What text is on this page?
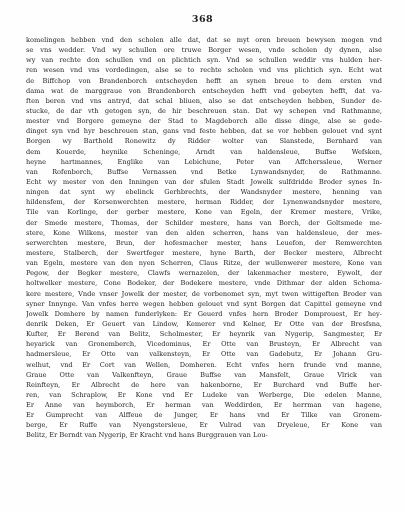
368
komelingen hebben vnd den scholen alle dat, dat se myt oren breuen bewysen mogen vnd
se vns wedder. Vnd wy schullen ore truwe Borger wesen, vnde scholen dy dynen, alse
wy van rechte don schullen vnd on plichtich syn. Vnd se schullen weddir vns hulden her-
ren wesen vnd vns vordedingen, alse se to rechte scholen vnd vns plichtich syn. Echt wat
de Biffchop von Brandenborch entscheyden hefft an synen breue to dem ersten vnd
dama wat de marggraue von Brandenborch entscheyden hefft vnd gebeyten hefft, dat va-
ften beren vnd vns antryd, dat schal bliuen, also se dat entscheyden hebben, Sunder de-
stucke, de dar vth getogen syn, de hir beschreuen stan. Dat wy schepen vnd Rathmanne,
mester vnd Borgere gemeyne der Stad to Magdeborch alle disse dinge, alse se gede-
dinget syn vnd hyr beschreuen stan, gans vnd feste hebben, dat se vor hebben gelouet vnd synt
Borgen wy Barthold Ronewitz dy Ridder wolter van Slanstede, Bernhard van
dem Kouerde, heynike Scheninge, Arndt van haldensleue, Buffse Wefsken,
heyne hartmannes, Englike van Lebichune, Peter van Affcherssleue, Werner
van Rofenborch, Buffse Vernassen vnd Betke Lynwandsnyder, de Rathmanne.
Echt wy mester von den Inningen van der sfulen Stadt Jowelk sulfdridde Broder synes In-
ningen dat synt wy ebelinck Gerhbrechts, der Wandsnyder mestere, henning van
hildensfem, der Korsenwerchten mestere, herman Ridder, der Lynenwandsnyder mestere,
Tile van Korlinge, der gerber mestere, Kone van Egeln, der Kremer mestere, Vrike,
der Smede mestere, Thomas, der Schilder mestere, hans van Borch, der Goltsmede me-
stere, Kone Wilkens, mester van den alden scherren, hans van haldensleue, der mes-
serwerchten mestere, Brun, der hofesmacher mester, hans Leuefon, der Remwerchten
mestere, Stalberch, der Swertfeger mestere, hyne Barth, der Becker mestere, Albrecht
van Egeln, mestere van den nyen Scherren, Claus Ritze, der wullenwerer mestere, Kone van
Pegow, der Begker mestere, Clawfs wernazelen, der lakenmacher mestere, Eywolt, der
holtwelker mestere, Cone Bodeker, der Bodekere mestere, vnde Dithmar der alden Schoma-
kere mestere, Vnde vnser Jowelk der mester, de vorbenomet syn, myt twen wittigeften Broder van
syner Innynge. Van vnfes herre wegen hebben gelouet vnd synt Borgen dat Capittel gemeyne vnd
Jowelk Domhere by namen funderlyken: Er Geuerd vnfes hern Broder Domprouest, Er hey-
denrik Deken, Er Geuert van Lindow, Kemerer vnd Kelner, Er Otte van der Bresfsna,
Kufter, Er Berend van Belitz, Scholmester, Er heynrik van Nygerip, Sangmester, Er
heyarick van Gronemberch, Vicedominus, Er Otte van Brusteyn, Er Albrecht van
hadmersleue, Er Otte van valkensteyn, Er Otte van Gadebutz, Er Johann Gru-
welhut, vnd Er Cort van Wellen, Domheren. Echt vnfes hern frunde vnd manne,
Graue Otte van Valkenfteyn, Graue Buffse van Mansfelt, Graue Vlrick van
Reinfteyn, Er Albrecht de here van hakenborne, Er Burchard vnd Buffe her-
ren, van Schraplow, Er Kone vnd Er Ludeke van Werberge, Die edelen Manne,
Er Anne van heymborch, Er herman van Weddirden, Er herrman van hagene,
Er Gumprecht van Alffeue de Junger, Er hans vnd Er Tilke van Gronem-
berge, Er Ruffe van Nyengstersleue, Er Vulrad van Dryeleue, Er Kone van
Belitz, Er Berndt van Nygerip, Er Kracht vnd hans Burggrauen van Lou-
